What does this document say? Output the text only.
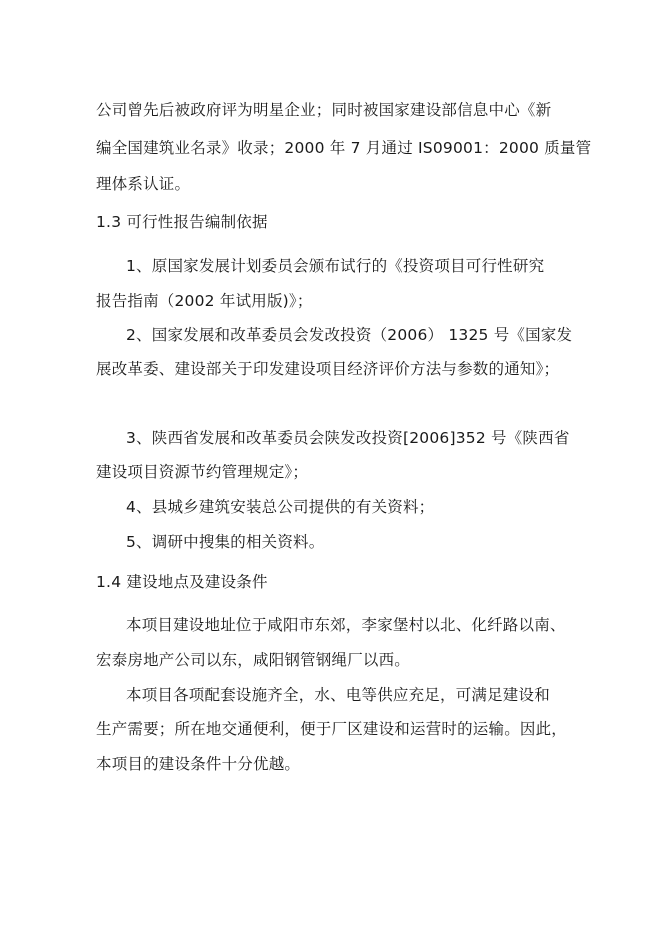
公司曾先后被政府评为明星企业；同时被国家建设部信息中心《新
编全国建筑业名录》收录；2000 年 7 月通过 IS09001：2000 质量管
理体系认证。
1.3 可行性报告编制依据
1、原国家发展计划委员会颁布试行的《投资项目可行性研究
报告指南（2002 年试用版)》；
2、国家发展和改革委员会发改投资（2006） 1325 号《国家发
展改革委、建设部关于印发建设项目经济评价方法与参数的通知》；
3、陕西省发展和改革委员会陕发改投资[2006]352 号《陕西省
建设项目资源节约管理规定》；
4、县城乡建筑安装总公司提供的有关资料；
5、调研中搜集的相关资料。
1.4 建设地点及建设条件
本项目建设地址位于咸阳市东郊，李家堡村以北、化纤路以南、
宏泰房地产公司以东，咸阳钢管钢绳厂以西。
本项目各项配套设施齐全，水、电等供应充足，可满足建设和
生产需要；所在地交通便利，便于厂区建设和运营时的运输。因此，
本项目的建设条件十分优越。
